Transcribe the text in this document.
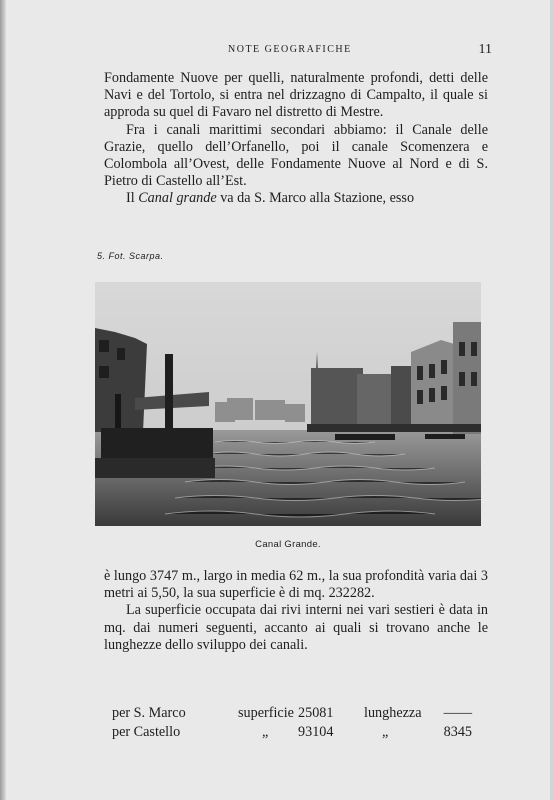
NOTE GEOGRAFICHE	11

Fondamente Nuove per quelli, naturalmente profondi, detti delle Navi e del Tortolo, si entra nel drizzagno di Campalto, il quale si approda su quel di Favaro nel distretto di Mestre.

Fra i canali marittimi secondari abbiamo: il Canale delle Grazie, quello dell’Orfanello, poi il canale Scomenzera e Colombola all’Ovest, delle Fondamente Nuove al Nord e di S. Pietro di Castello all’Est.

Il Canal grande va da S. Marco alla Stazione, esso

5. Fot. Scarpa.
Canal Grande.

è lungo 3747 m., largo in media 62 m., la sua profondità varia dai 3 metri ai 5,50, la sua superficie è di mq. 232282.

La superficie occupata dai rivi interni nei vari sestieri è data in mq. dai numeri seguenti, accanto ai quali si trovano anche le lunghezze dello sviluppo dei canali.

per S. Marco	superficie 25081 lunghezza ——
per Castello	„ 93104	„	8345
